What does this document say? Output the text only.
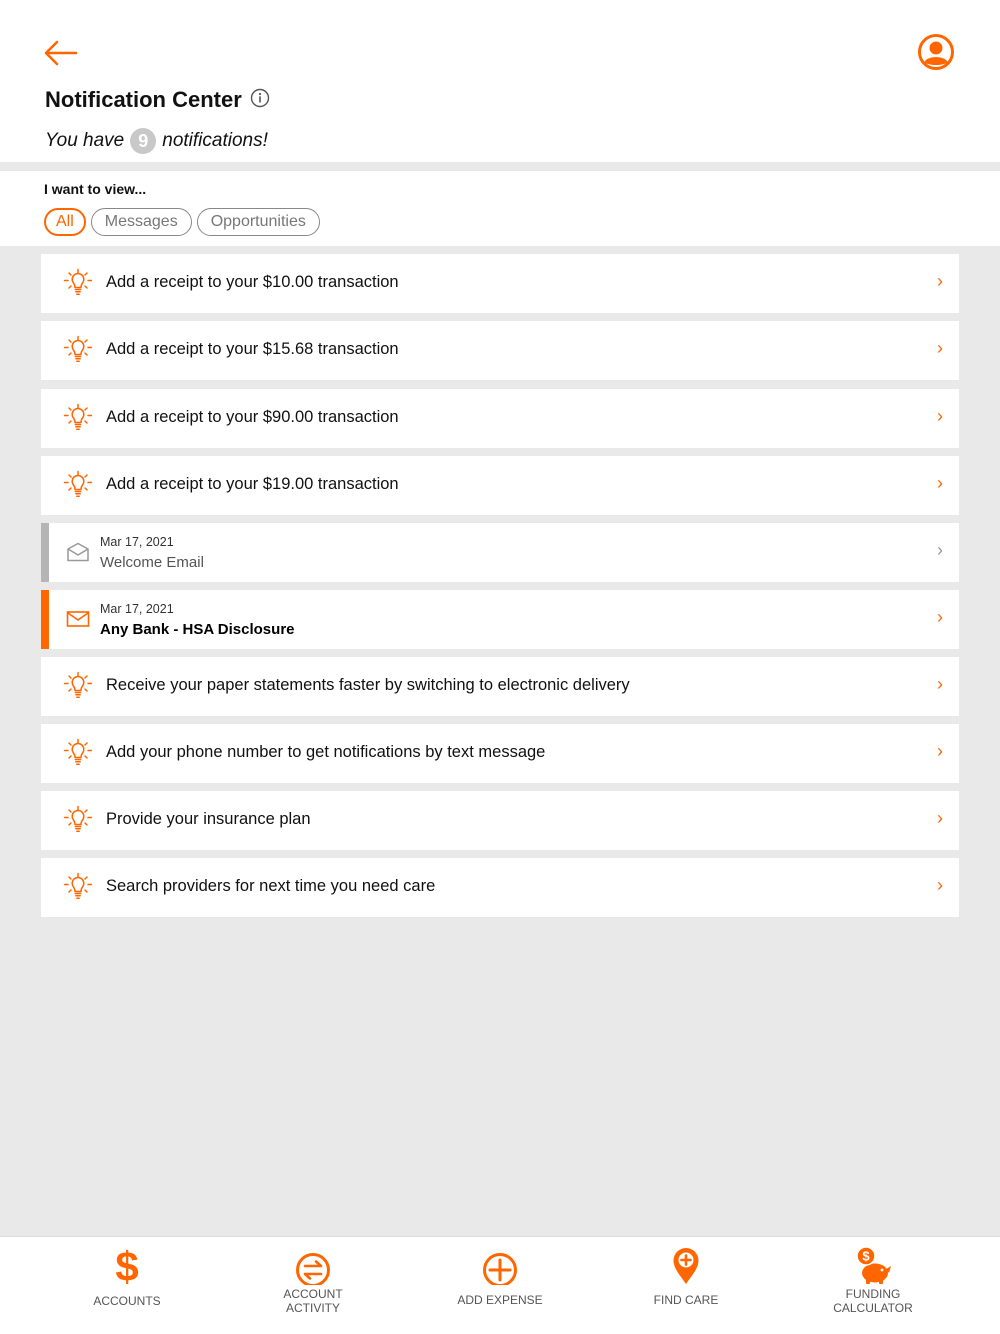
Notification Center
You have 9 notifications!
I want to view...
All	Messages	Opportunities
Add a receipt to your $10.00 transaction	›
Add a receipt to your $15.68 transaction	›
Add a receipt to your $90.00 transaction	›
Add a receipt to your $19.00 transaction	›
Mar 17, 2021
Welcome Email
›
Mar 17, 2021
Any Bank - HSA Disclosure
›
Receive your paper statements faster by switching to electronic delivery	›
Add your phone number to get notifications by text message	›
Provide your insurance plan	›
Search providers for next time you need care	›
$
ACCOUNTS	ACCOUNT
ACTIVITY
ADD EXPENSE	FIND CARE
$
FUNDING
CALCULATOR
